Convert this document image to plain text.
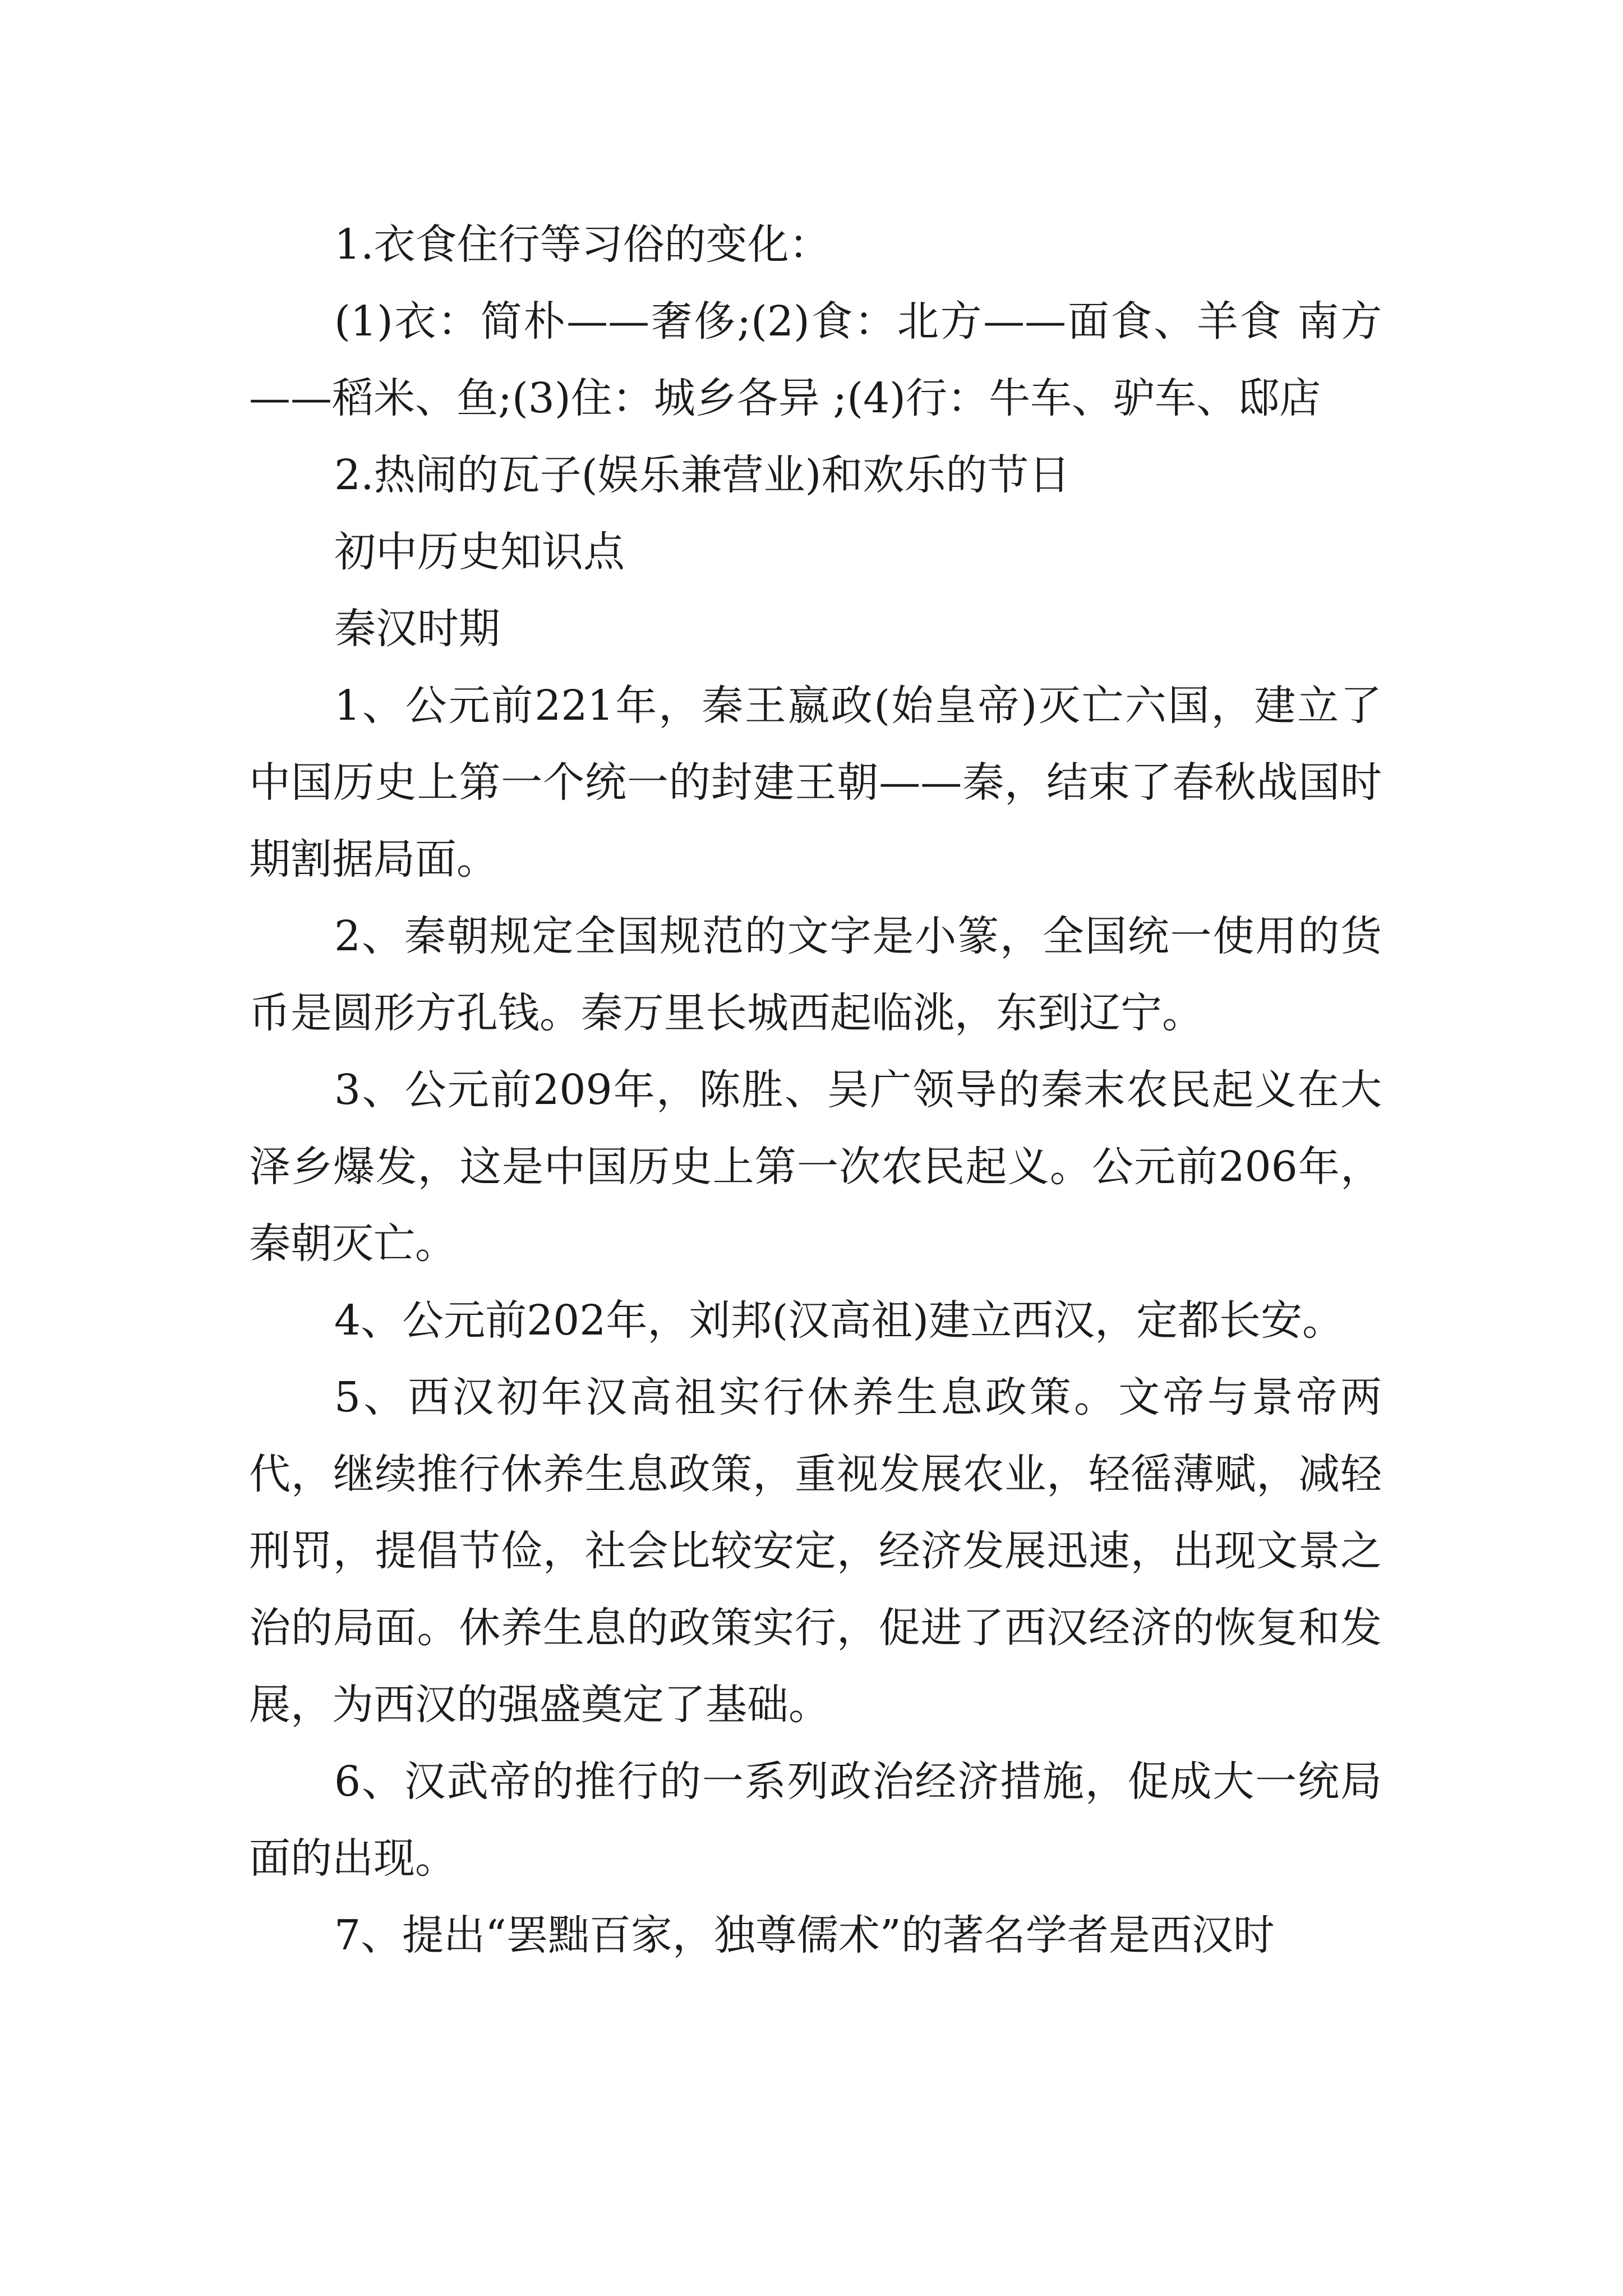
1.衣食住行等习俗的变化：

(1)衣：简朴——奢侈;(2)食：北方——面食、羊食 南方——稻米、鱼;(3)住：城乡各异 ;(4)行：牛车、驴车、邸店

2.热闹的瓦子(娱乐兼营业)和欢乐的节日

初中历史知识点

秦汉时期

1、公元前221年，秦王嬴政(始皇帝)灭亡六国，建立了中国历史上第一个统一的封建王朝——秦，结束了春秋战国时期割据局面。

2、秦朝规定全国规范的文字是小篆，全国统一使用的货币是圆形方孔钱。秦万里长城西起临洮，东到辽宁。

3、公元前209年，陈胜、吴广领导的秦末农民起义在大泽乡爆发，这是中国历史上第一次农民起义。公元前206年，秦朝灭亡。

4、公元前202年，刘邦(汉高祖)建立西汉，定都长安。

5、西汉初年汉高祖实行休养生息政策。文帝与景帝两代，继续推行休养生息政策，重视发展农业，轻徭薄赋，减轻刑罚，提倡节俭，社会比较安定，经济发展迅速，出现文景之治的局面。休养生息的政策实行，促进了西汉经济的恢复和发展，为西汉的强盛奠定了基础。

6、汉武帝的推行的一系列政治经济措施，促成大一统局面的出现。

7、提出“罢黜百家，独尊儒术”的著名学者是西汉时
